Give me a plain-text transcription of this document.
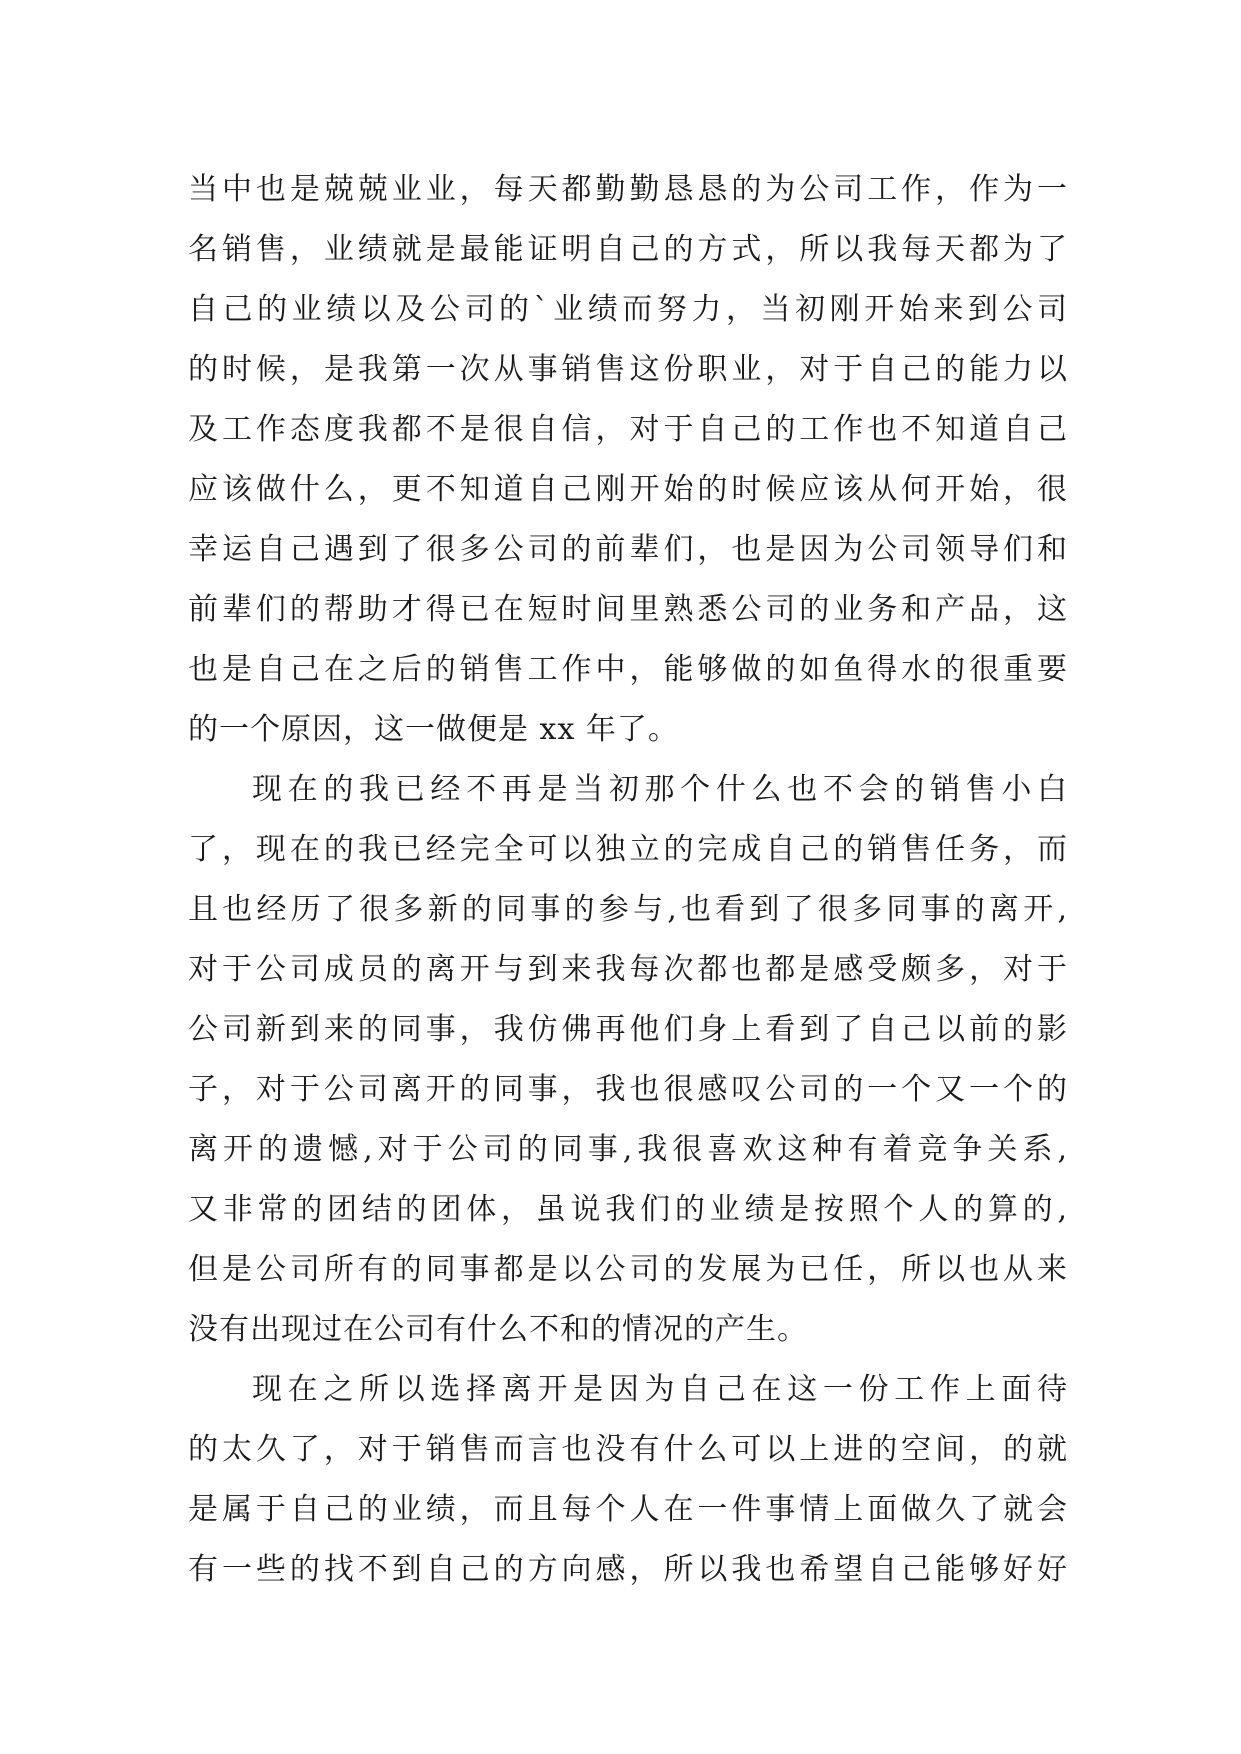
当中也是兢兢业业，每天都勤勤恳恳的为公司工作，作为一
名销售，业绩就是最能证明自己的方式，所以我每天都为了
自己的业绩以及公司的`业绩而努力，当初刚开始来到公司
的时候，是我第一次从事销售这份职业，对于自己的能力以
及工作态度我都不是很自信，对于自己的工作也不知道自己
应该做什么，更不知道自己刚开始的时候应该从何开始，很
幸运自己遇到了很多公司的前辈们，也是因为公司领导们和
前辈们的帮助才得已在短时间里熟悉公司的业务和产品，这
也是自己在之后的销售工作中，能够做的如鱼得水的很重要
的一个原因，这一做便是 xx 年了。
现在的我已经不再是当初那个什么也不会的销售小白
了，现在的我已经完全可以独立的完成自己的销售任务，而
且也经历了很多新的同事的参与,也看到了很多同事的离开,
对于公司成员的离开与到来我每次都也都是感受颇多，对于
公司新到来的同事，我仿佛再他们身上看到了自己以前的影
子，对于公司离开的同事，我也很感叹公司的一个又一个的
离开的遗憾,对于公司的同事,我很喜欢这种有着竞争关系,
又非常的团结的团体，虽说我们的业绩是按照个人的算的,
但是公司所有的同事都是以公司的发展为已任，所以也从来
没有出现过在公司有什么不和的情况的产生。
现在之所以选择离开是因为自己在这一份工作上面待
的太久了，对于销售而言也没有什么可以上进的空间，的就
是属于自己的业绩，而且每个人在一件事情上面做久了就会
有一些的找不到自己的方向感，所以我也希望自己能够好好
